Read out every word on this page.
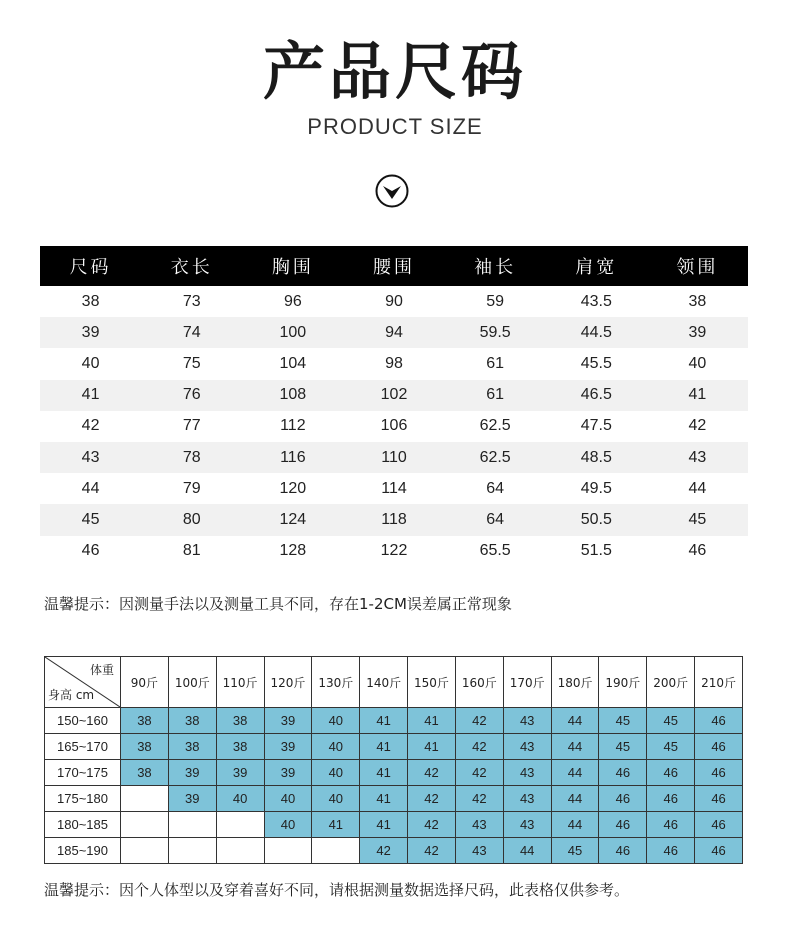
产品尺码
PRODUCT SIZE
尺码	衣长	胸围	腰围	袖长	肩宽	领围
38	73	96	90	59	43.5	38
39	74	100	94	59.5	44.5	39
40	75	104	98	61	45.5	40
41	76	108	102	61	46.5	41
42	77	112	106	62.5	47.5	42
43	78	116	110	62.5	48.5	43
44	79	120	114	64	49.5	44
45	80	124	118	64	50.5	45
46	81	128	122	65.5	51.5	46
温馨提示：因测量手法以及测量工具不同，存在1-2CM误差属正常现象
体重
身高 cm	90斤	100斤	110斤	120斤	130斤	140斤	150斤	160斤	170斤	180斤	190斤	200斤	210斤
150~160	38	38	38	39	40	41	41	42	43	44	45	45	46
165~170	38	38	38	39	40	41	41	42	43	44	45	45	46
170~175	38	39	39	39	40	41	42	42	43	44	46	46	46
175~180		39	40	40	40	41	42	42	43	44	46	46	46
180~185				40	41	41	42	43	43	44	46	46	46
185~190						42	42	43	44	45	46	46	46
温馨提示：因个人体型以及穿着喜好不同，请根据测量数据选择尺码，此表格仅供参考。
